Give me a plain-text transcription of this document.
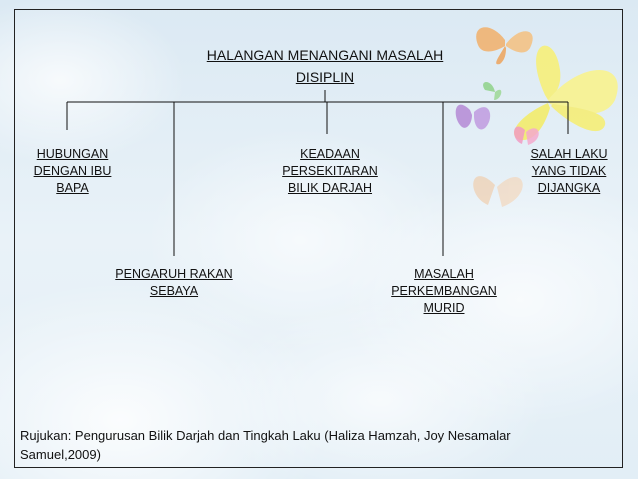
HALANGAN MENANGANI MASALAH
DISIPLIN
HUBUNGAN
DENGAN IBU
BAPA
PENGARUH RAKAN
SEBAYA
KEADAAN
PERSEKITARAN
BILIK DARJAH
MASALAH
PERKEMBANGAN
MURID
SALAH LAKU
YANG TIDAK
DIJANGKA
Rujukan: Pengurusan Bilik Darjah dan Tingkah Laku (Haliza Hamzah, Joy Nesamalar
Samuel,2009)
